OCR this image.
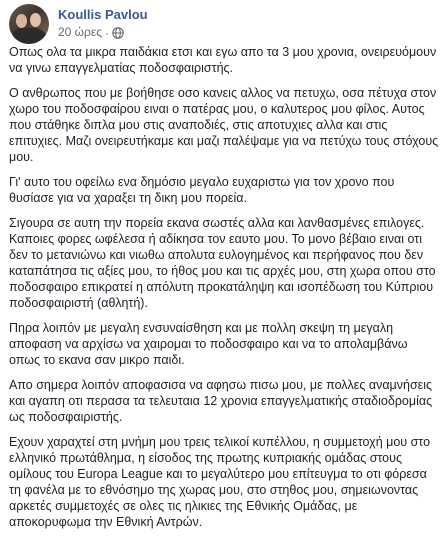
Koullis Pavlou
20 ώρες ·

Οπως ολα τα μικρα παιδάκια ετσι και εγω απο τα 3 μου χρονια, ονειρευόμουν να γινω επαγγελματίας ποδοσφαιριστής.

Ο ανθρωπος που με βοήθησε οσο κανεις αλλος να πετυχω, οσα πέτυχα στον χωρο του ποδοσφαίρου ειναι ο πατέρας μου, ο καλυτερος μου φίλος. Αυτος που στάθηκε διπλα μου στις αναποδιές, στις αποτυχιες αλλα και στις επιτυχιες. Μαζι ονειρευτήκαμε και μαζι παλέψαμε για να πετύχω τους στόχους μου.

Γι' αυτο του οφείλω ενα δημόσιο μεγαλο ευχαριστω για τον χρονο που θυσίασε για να χαραξει τη δικη μου πορεία.

Σιγουρα σε αυτη την πορεία εκανα σωστές αλλα και λανθασμένες επιλογες. Καποιες φορες ωφέλεσα ή αδίκησα τον εαυτο μου. Το μονο βέβαιο ειναι οτι δεν το μετανιώνω και νιωθω απολυτα ευλογημένος και περήφανος που δεν καταπάτησα τις αξίες μου, το ήθος μου και τις αρχές μου, στη χωρα οπου στο ποδοσφαιρο επικρατεί η απόλυτη προκατάληψη και ισοπέδωση του Κύπριου ποδοσφαιριστή (αθλητή).

Πηρα λοιπόν με μεγαλη ενσυναίσθηση και με πολλη σκεψη τη μεγαλη αποφαση να αρχίσω να χαιρομαι το ποδοσφαιρο και να το απολαμβάνω οπως το εκανα σαν μικρο παιδι.

Απο σημερα λοιπόν αποφασισα να αφησω πισω μου, με πολλες αναμνήσεις και αγαπη οτι περασα τα τελευταια 12 χρονια επαγγελματικής σταδιοδρομίας ως ποδοσφαιριστής.

Εχουν χαραχτεί στη μνήμη μου τρεις τελικοί κυπέλλου, η συμμετοχή μου στο ελληνικό πρωτάθλημα, η είσοδος της πρωτης κυπριακής ομάδας στους ομίλους του Europa League και το μεγαλύτερο μου επίτευγμα το οτι φόρεσα τη φανέλα με το εθνόσημο της χωρας μου, στο στηθος μου, σημειωνοντας αρκετές συμμετοχές σε ολες τις ηλικιες της Εθνικής Ομάδας, με αποκορυφωμα την Εθνική Αντρών.
